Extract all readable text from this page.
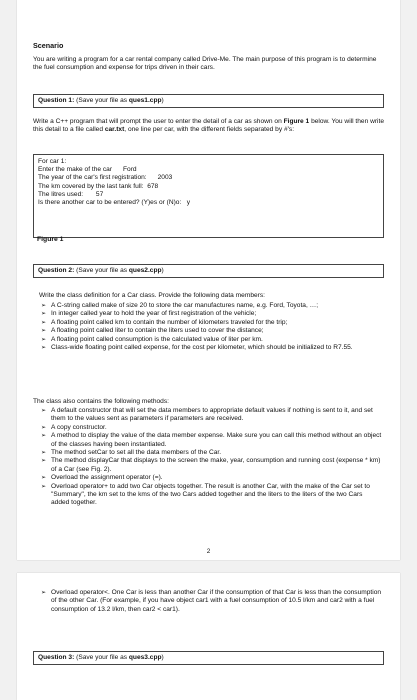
Scenario
You are writing a program for a car rental company called Drive-Me. The main purpose of this program is to determine the fuel consumption and expense for trips driven in their cars.
Question 1: (Save your file as ques1.cpp)
Write a C++ program that will prompt the user to enter the detail of a car as shown on Figure 1 below. You will then write this detail to a file called car.txt, one line per car, with the different fields separated by #'s:
For car 1:
Enter the make of the car      Ford
The year of the car's first registration:      2003
The km covered by the last tank full:  678
The litres used:       57
Is there another car to be entered? (Y)es or (N)o:   y
Figure 1
Question 2: (Save your file as ques2.cpp)
Write the class definition for a Car class. Provide the following data members:
➢ A C-string called make of size 20 to store the car manufactures name, e.g. Ford, Toyota, …;
➢ In integer called year to hold the year of first registration of the vehicle;
➢ A floating point called km to contain the number of kilometers traveled for the trip;
➢ A floating point called liter to contain the liters used to cover the distance;
➢ A floating point called consumption is the calculated value of liter per km.
➢ Class-wide floating point called expense, for the cost per kilometer, which should be initialized to R7.55.
The class also contains the following methods:
➢ A default constructor that will set the data members to appropriate default values if nothing is sent to it, and set them to the values sent as parameters if parameters are received.
➢ A copy constructor.
➢ A method to display the value of the data member expense. Make sure you can call this method without an object of the classes having been instantiated.
➢ The method setCar to set all the data members of the Car.
➢ The method displayCar that displays to the screen the make, year, consumption and running cost (expense * km) of a Car (see Fig. 2).
➢ Overload the assignment operator (=).
➢ Overload operator+ to add two Car objects together. The result is another Car, with the make of the Car set to "Summary", the km set to the kms of the two Cars added together and the liters to the liters of the two Cars added together.
2
➢ Overload operator<. One Car is less than another Car if the consumption of that Car is less than the consumption of the other Car. (For example, if you have object car1 with a fuel consumption of 10.5 l/km and car2 with a fuel consumption of 13.2 l/km, then car2 < car1).
Question 3: (Save your file as ques3.cpp)
